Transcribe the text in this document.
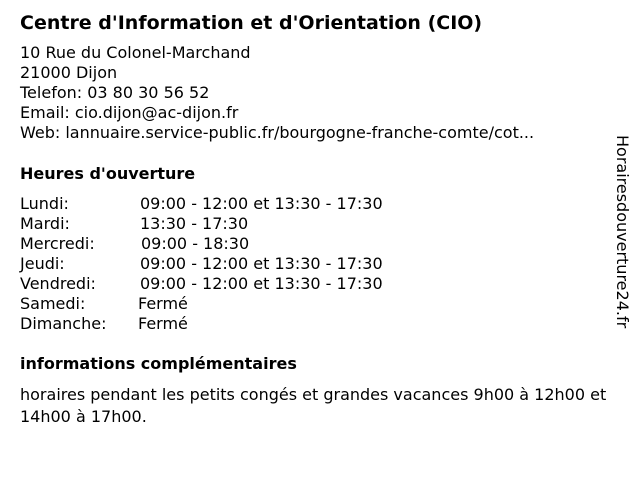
Centre d'Information et d'Orientation (CIO)
10 Rue du Colonel-Marchand
21000 Dijon
Telefon: 03 80 30 56 52
Email: cio.dijon@ac-dijon.fr
Web: lannuaire.service-public.fr/bourgogne-franche-comte/cot...
Heures d'ouverture
Lundi:	09:00 - 12:00 et 13:30 - 17:30
Mardi:	13:30 - 17:30
Mercredi:	09:00 - 18:30
Jeudi:	09:00 - 12:00 et 13:30 - 17:30
Vendredi:	09:00 - 12:00 et 13:30 - 17:30
Samedi:	Fermé
Dimanche: Fermé
informations complémentaires
horaires pendant les petits congés et grandes vacances 9h00 à 12h00 et 14h00 à 17h00.
Horairesdouverture24.fr
